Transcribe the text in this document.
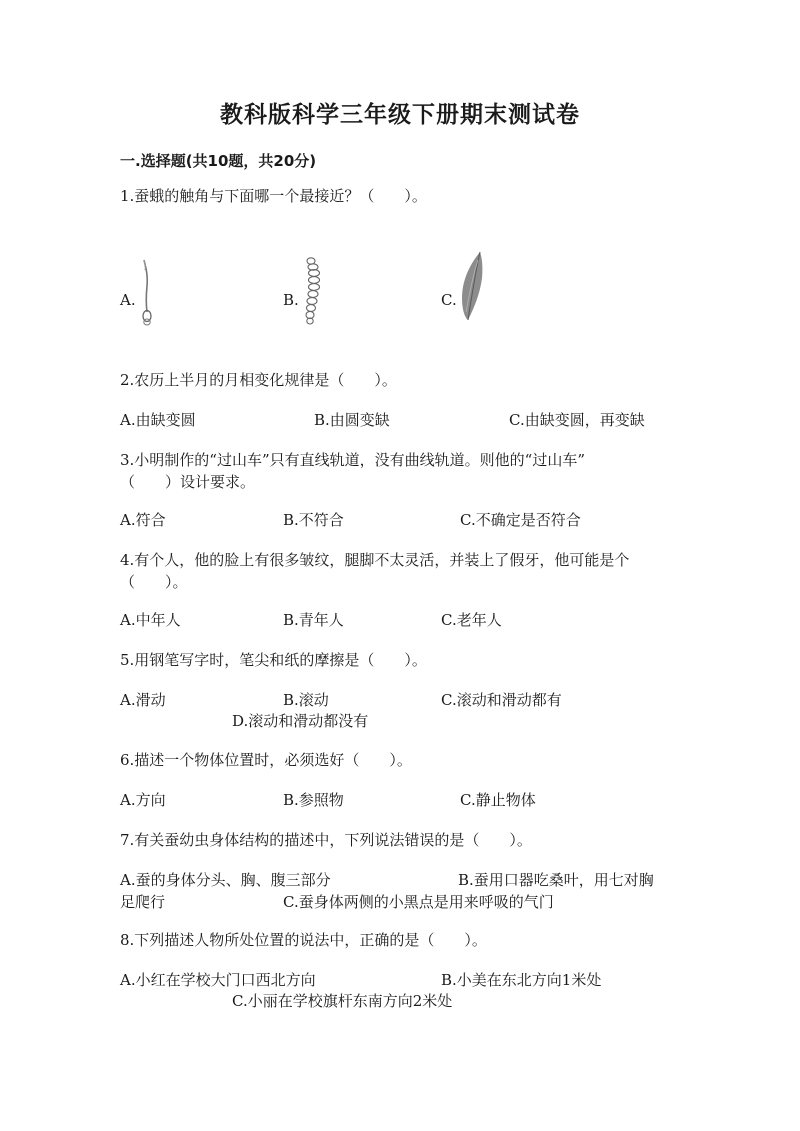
教科版科学三年级下册期末测试卷
一.选择题(共10题，共20分)
1.蚕蛾的触角与下面哪一个最接近？（　　）。
A.	B.	C.
2.农历上半月的月相变化规律是（　　）。
A.由缺变圆	B.由圆变缺	C.由缺变圆，再变缺
3.小明制作的“过山车”只有直线轨道，没有曲线轨道。则他的“过山车”
（　　）设计要求。
A.符合	B.不符合	C.不确定是否符合
4.有个人，他的脸上有很多皱纹，腿脚不太灵活，并装上了假牙，他可能是个
（　　）。
A.中年人	B.青年人	C.老年人
5.用钢笔写字时，笔尖和纸的摩擦是（　　）。
A.滑动	B.滚动	C.滚动和滑动都有
D.滚动和滑动都没有
6.描述一个物体位置时，必须选好（　　）。
A.方向	B.参照物	C.静止物体
7.有关蚕幼虫身体结构的描述中，下列说法错误的是（　　）。
A.蚕的身体分头、胸、腹三部分	B.蚕用口器吃桑叶，用七对胸
足爬行	C.蚕身体两侧的小黑点是用来呼吸的气门
8.下列描述人物所处位置的说法中，正确的是（　　）。
A.小红在学校大门口西北方向	B.小美在东北方向1米处
C.小丽在学校旗杆东南方向2米处
